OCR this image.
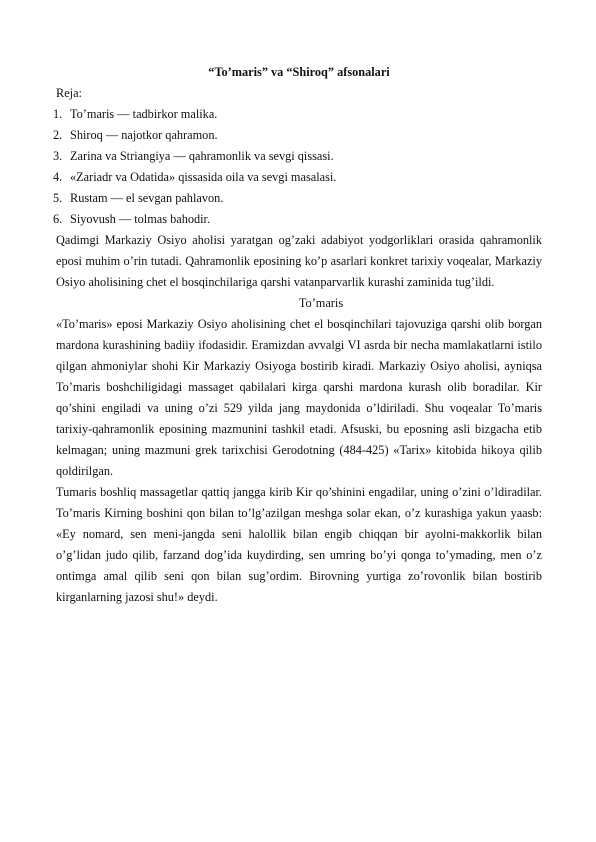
“To’maris” va “Shiroq” afsonalari

Reja:

1. To’maris — tadbirkor malika.
2. Shiroq — najotkor qahramon.
3. Zarina va Striangiya — qahramonlik va sevgi qissasi.
4. «Zariadr va Odatida» qissasida oila va sevgi masalasi.
5. Rustam — el sevgan pahlavon.
6. Siyovush — tolmas bahodir.

Qadimgi Markaziy Osiyo aholisi yaratgan og’zaki adabiyot yodgorliklari orasida qahramonlik eposi muhim o’rin tutadi. Qahramonlik eposining ko’p asarlari konkret tarixiy voqealar, Markaziy Osiyo aholisining chet el bosqinchilariga qarshi vatanparvarlik kurashi zaminida tug’ildi.

To’maris

«To’maris» eposi Markaziy Osiyo aholisining chet el bosqinchilari tajovuziga qarshi olib borgan mardona kurashining badiiy ifodasidir. Eramizdan avvalgi VI asrda bir necha mamlakatlarni istilo qilgan ahmoniylar shohi Kir Markaziy Osiyoga bostirib kiradi. Markaziy Osiyo aholisi, ayniqsa To’maris boshchiligidagi massaget qabilalari kirga qarshi mardona kurash olib boradilar. Kir qo’shini engiladi va uning o’zi 529 yilda jang maydonida o’ldiriladi. Shu voqealar To’maris tarixiy-qahramonlik eposining mazmunini tashkil etadi. Afsuski, bu eposning asli bizgacha etib kelmagan; uning mazmuni grek tarixchisi Gerodotning (484-425) «Tarix» kitobida hikoya qilib qoldirilgan.

Tumaris boshliq massagetlar qattiq jangga kirib Kir qo’shinini engadilar, uning o’zini o’ldiradilar. To’maris Kirning boshini qon bilan to’lg’azilgan meshga solar ekan, o’z kurashiga yakun yaasb: «Ey nomard, sen meni-jangda seni halollik bilan engib chiqqan bir ayolni-makkorlik bilan o’g’lidan judo qilib, farzand dog’ida kuydirding, sen umring bo’yi qonga to’ymading, men o’z ontimga amal qilib seni qon bilan sug’ordim. Birovning yurtiga zo’rovonlik bilan bostirib kirganlarning jazosi shu!» deydi.
